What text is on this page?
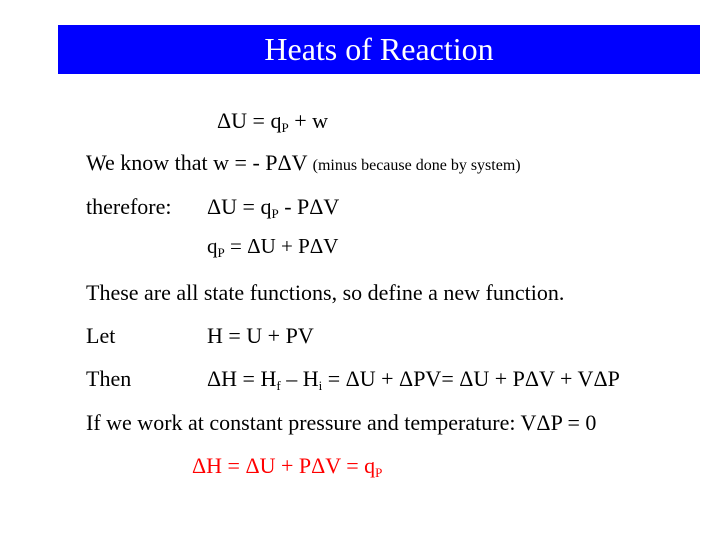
Heats of Reaction
$\Delta U = q_P + w$
We know that w = - PΔV (minus because done by system)
therefore: $\Delta U = q_P - P\Delta V$
$q_P = \Delta U + P\Delta V$
These are all state functions, so define a new function.
Let	H = U + PV
Then	$\Delta H = H_f - H_i = \Delta U + \Delta PV= \Delta U + P\Delta V + V\Delta P$
If we work at constant pressure and temperature: VΔP = 0
$\Delta H = \Delta U + P\Delta V = q_P$
